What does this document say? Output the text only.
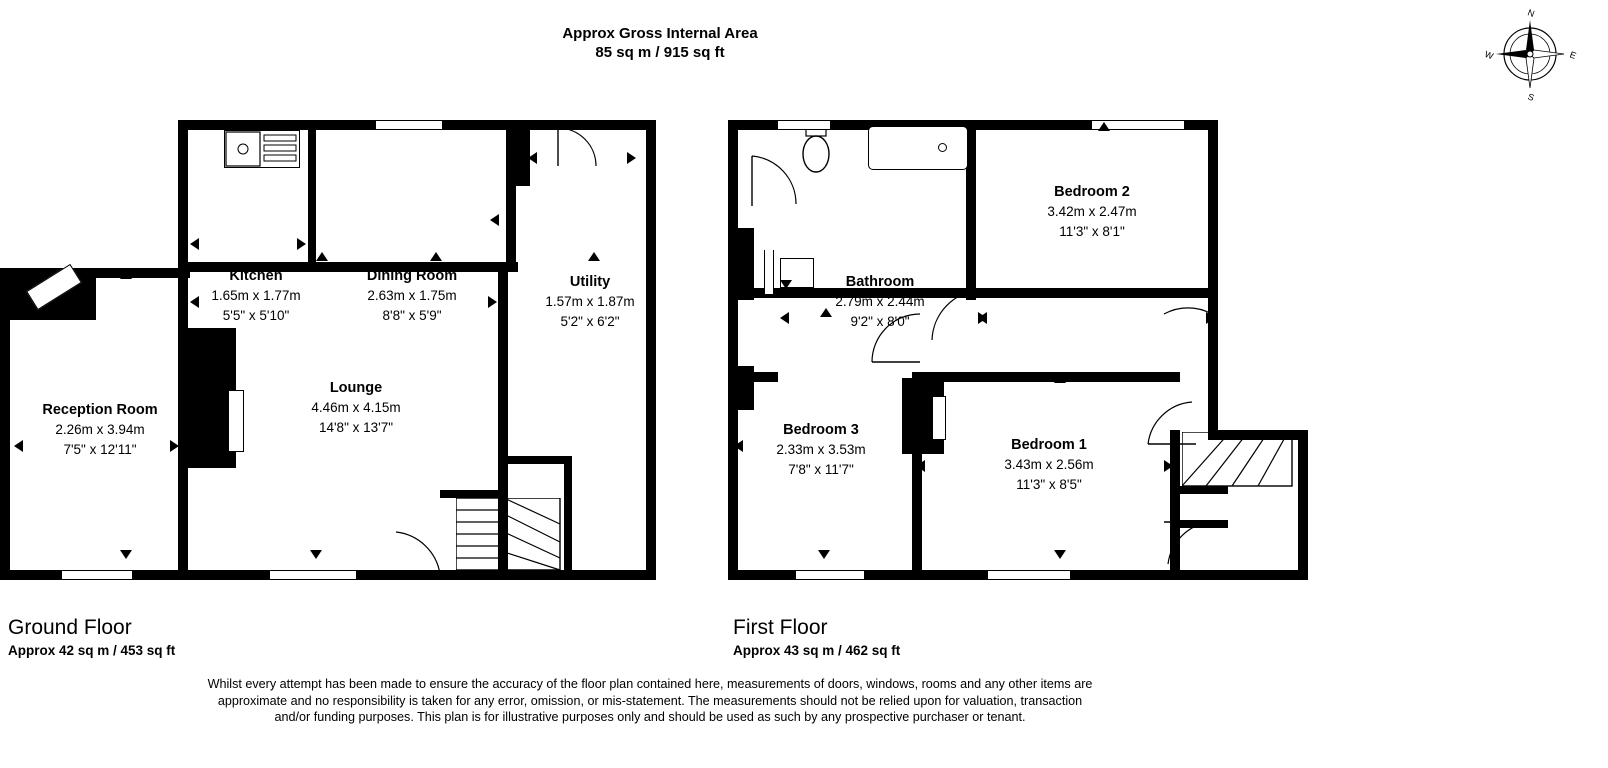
Approx Gross Internal Area
85 sq m / 915 sq ft
N
E
S
W
Kitchen
1.65m x 1.77m
5'5" x 5'10"
Dining Room
2.63m x 1.75m
8'8" x 5'9"
Utility
1.57m x 1.87m
5'2" x 6'2"
Reception Room
2.26m x 3.94m
7'5" x 12'11"
Lounge
4.46m x 4.15m
14'8" x 13'7"
Bathroom
2.79m x 2.44m
9'2" x 8'0"
Bedroom 2
3.42m x 2.47m
11'3" x 8'1"
Bedroom 3
2.33m x 3.53m
7'8" x 11'7"
Bedroom 1
3.43m x 2.56m
11'3" x 8'5"
Ground Floor
Approx 42 sq m / 453 sq ft
First Floor
Approx 43 sq m / 462 sq ft
Whilst every attempt has been made to ensure the accuracy of the floor plan contained here, measurements of doors, windows, rooms and any other items are approximate and no responsibility is taken for any error, omission, or mis-statement. The measurements should not be relied upon for valuation, transaction and/or funding purposes. This plan is for illustrative purposes only and should be used as such by any prospective purchaser or tenant.
